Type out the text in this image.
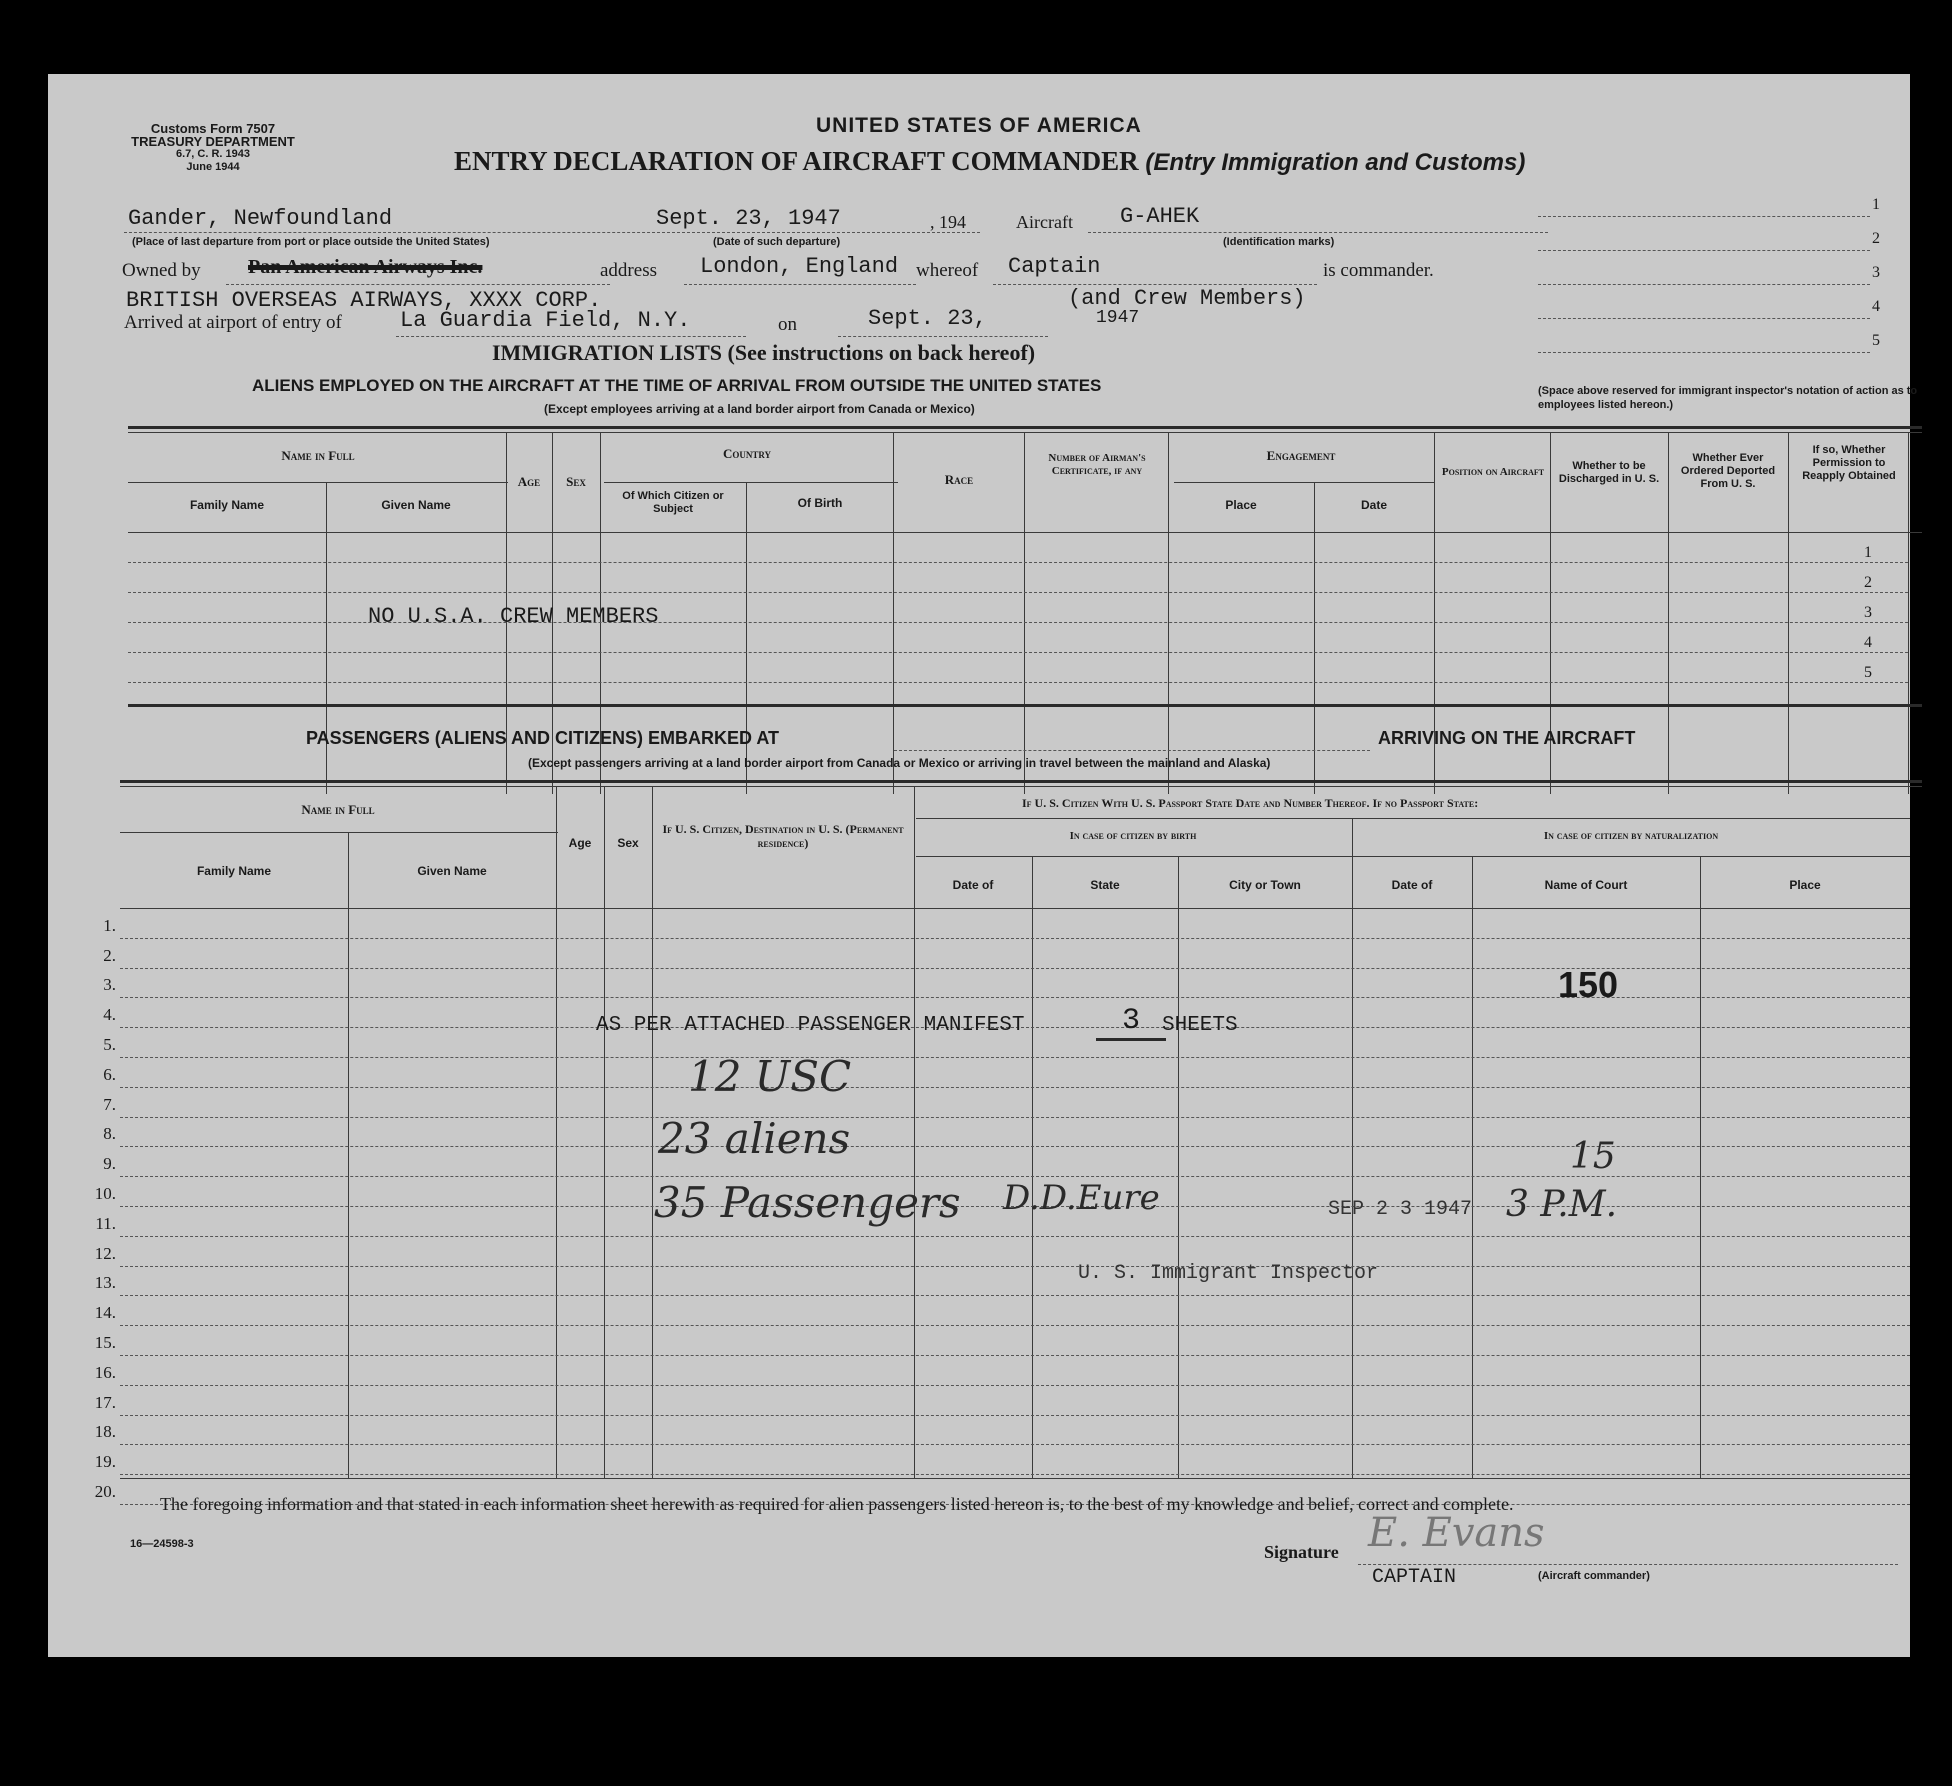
Customs Form 7507
TREASURY DEPARTMENT
6.7, C. R. 1943
June 1944
UNITED STATES OF AMERICA
ENTRY DECLARATION OF AIRCRAFT COMMANDER (Entry Immigration and Customs)
Gander, Newfoundland
(Place of last departure from port or place outside the United States)
Sept. 23, 1947
(Date of such departure)
, 194	Aircraft G-AHEK
(Identification marks)
Owned by Pan American Airways Inc.	address London, England whereof Captain	is commander.
BRITISH OVERSEAS AIRWAYS, XXXX CORP.	(and Crew Members)
Arrived at airport of entry of	La Guardia Field, N.Y.	on	Sept. 23,	1947
1
2
3
4
5
(Space above reserved for immigrant inspector's notation of action as to employees listed hereon.)
IMMIGRATION LISTS (See instructions on back hereof)
ALIENS EMPLOYED ON THE AIRCRAFT AT THE TIME OF ARRIVAL FROM OUTSIDE THE UNITED STATES
(Except employees arriving at a land border airport from Canada or Mexico)
Name in Full
Family Name	Given Name
Age	Sex
Country
Of Which Citizen or Subject	Of Birth
Race
Number of Airman's Certificate, if any
Engagement
Place	Date
Position on Aircraft	Whether to be Discharged in U. S.
Whether Ever Ordered Deported From U. S.
If so, Whether Permission to Reapply Obtained
1
2
3
4
5
NO U.S.A. CREW MEMBERS
PASSENGERS (ALIENS AND CITIZENS) EMBARKED AT	ARRIVING ON THE AIRCRAFT
(Except passengers arriving at a land border airport from Canada or Mexico or arriving in travel between the mainland and Alaska)
Name in Full
Family Name	Given Name
Age	Sex
If U. S. Citizen, Destination in U. S. (Permanent residence)
If U. S. Citizen With U. S. Passport State Date and Number Thereof. If no Passport State:
In case of citizen by birth	In case of citizen by naturalization
Date of	State	City or Town	Date of	Name of Court	Place
1.
2.
3.
4.
5.
6.
7.
8.
9.
10.
11.
12.
13.
14.
15.
16.
17.
18.
19.
20.
AS PER ATTACHED PASSENGER MANIFEST	3	SHEETS
150
12 USC
23 aliens
35 Passengers D.D.Eure	SEP 2 3 1947
15
3 P.M.
U. S. Immigrant Inspector
The foregoing information and that stated in each information sheet herewith as required for alien passengers listed hereon is, to the best of my knowledge and belief, correct and complete.
16—24598-3	Signature E. Evans
CAPTAIN	(Aircraft commander)
